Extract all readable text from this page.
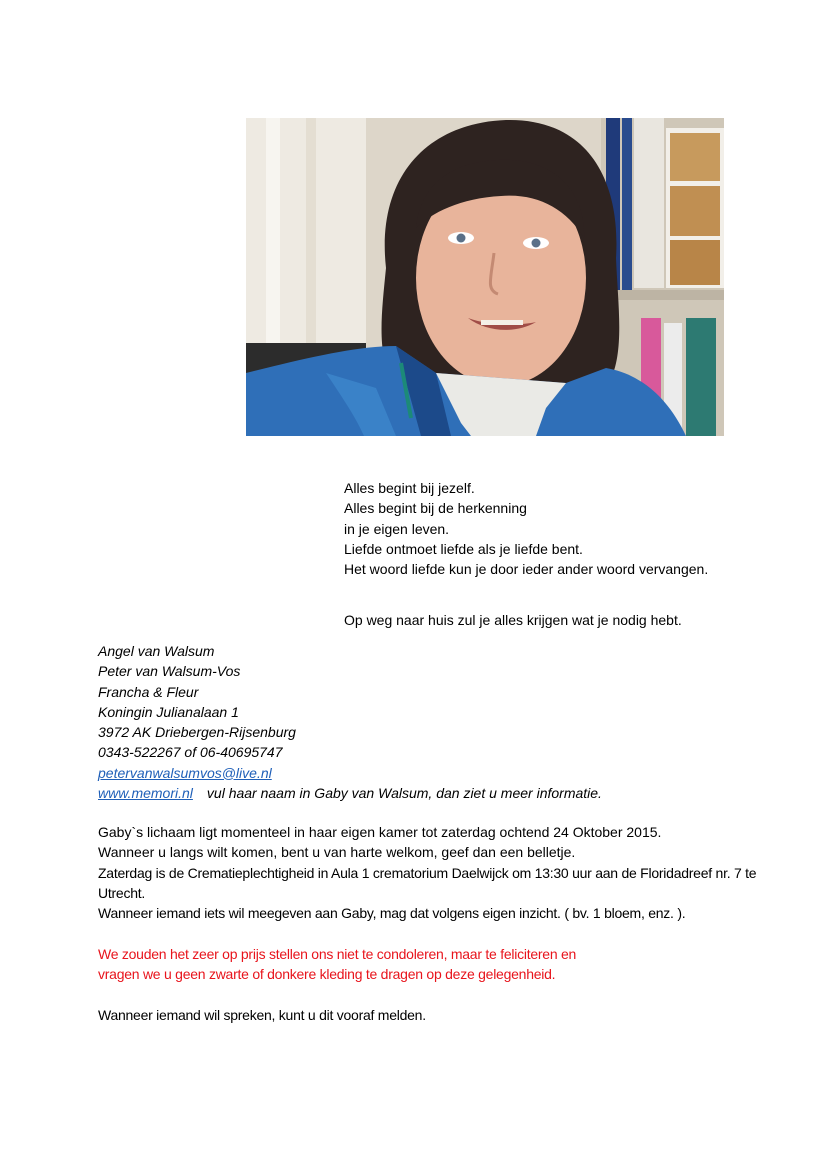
Alles begint bij jezelf.
Alles begint bij de herkenning
in je eigen leven.
Liefde ontmoet liefde als je liefde bent.
Het woord liefde kun je door ieder ander woord vervangen.
Op weg naar huis zul je alles krijgen wat je nodig hebt.
Angel van Walsum
Peter van Walsum-Vos
Francha & Fleur
Koningin Julianalaan 1
3972 AK Driebergen-Rijsenburg
0343-522267 of 06-40695747
petervanwalsumvos@live.nl
www.memori.nl vul haar naam in Gaby van Walsum, dan ziet u meer informatie.

Gaby`s lichaam ligt momenteel in haar eigen kamer tot zaterdag ochtend 24 Oktober 2015.

Wanneer u langs wilt komen, bent u van harte welkom, geef dan een belletje.

Zaterdag is de Crematieplechtigheid in Aula 1 crematorium Daelwijck om 13:30 uur aan de Floridadreef nr. 7 te Utrecht.

Wanneer iemand iets wil meegeven aan Gaby, mag dat volgens eigen inzicht. ( bv. 1 bloem, enz. ).

We zouden het zeer op prijs stellen ons niet te condoleren, maar te feliciteren en

vragen we u geen zwarte of donkere kleding te dragen op deze gelegenheid.

Wanneer iemand wil spreken, kunt u dit vooraf melden.
